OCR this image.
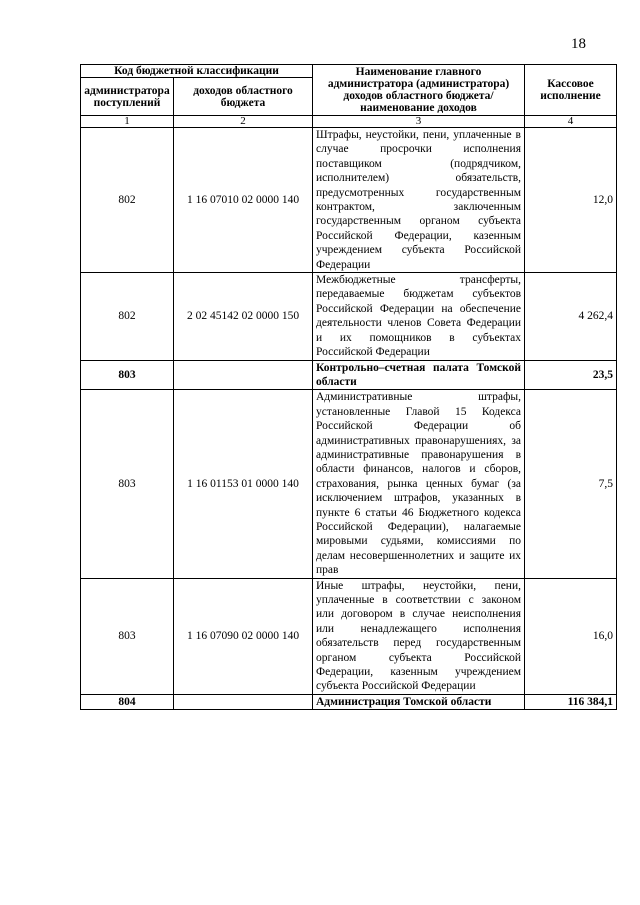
18
Код бюджетной классификации		Наименование главного администратора (администратора) доходов областного бюджета/ наименование доходов	Кассовое исполнение
администратора поступлений	доходов областного бюджета		
1	2	3	4
802	1 16 07010 02 0000 140	Штрафы, неустойки, пени, уплаченные в случае просрочки исполнения поставщиком (подрядчиком, исполнителем) обязательств, предусмотренных государственным контрактом, заключенным государственным органом субъекта Российской Федерации, казенным учреждением субъекта Российской Федерации	12,0
802	2 02 45142 02 0000 150	Межбюджетные трансферты, передаваемые бюджетам субъектов Российской Федерации на обеспечение деятельности членов Совета Федерации и их помощников в субъектах Российской Федерации	4 262,4
803		Контрольно–счетная палата Томской области	23,5
803	1 16 01153 01 0000 140	Административные штрафы, установленные Главой 15 Кодекса Российской Федерации об административных правонарушениях, за административные правонарушения в области финансов, налогов и сборов, страхования, рынка ценных бумаг (за исключением штрафов, указанных в пункте 6 статьи 46 Бюджетного кодекса Российской Федерации), налагаемые мировыми судьями, комиссиями по делам несовершеннолетних и защите их прав	7,5
803	1 16 07090 02 0000 140	Иные штрафы, неустойки, пени, уплаченные в соответствии с законом или договором в случае неисполнения или ненадлежащего исполнения обязательств перед государственным органом субъекта Российской Федерации, казенным учреждением субъекта Российской Федерации	16,0
804		Администрация Томской области	116 384,1
